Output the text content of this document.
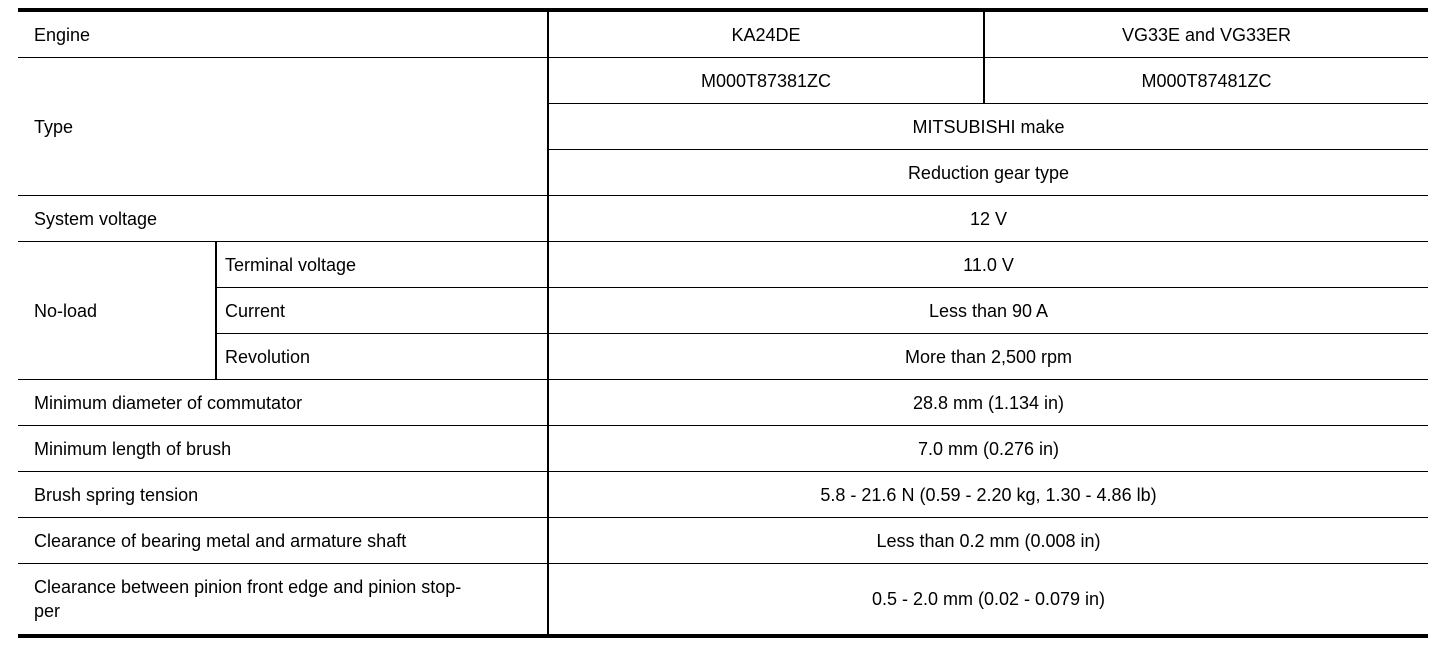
Engine		KA24DE	VG33E and VG33ER
Type		M000T87381ZC	M000T87481ZC
		MITSUBISHI make	
		Reduction gear type	
System voltage		12 V	
No-load	Terminal voltage	11.0 V	
	Current	Less than 90 A	
	Revolution	More than 2,500 rpm	
Minimum diameter of commutator		28.8 mm (1.134 in)	
Minimum length of brush		7.0 mm (0.276 in)	
Brush spring tension		5.8 - 21.6 N (0.59 - 2.20 kg, 1.30 - 4.86 lb)	
Clearance of bearing metal and armature shaft		Less than 0.2 mm (0.008 in)	
Clearance between pinion front edge and pinion stop-
per		0.5 - 2.0 mm (0.02 - 0.079 in)	
